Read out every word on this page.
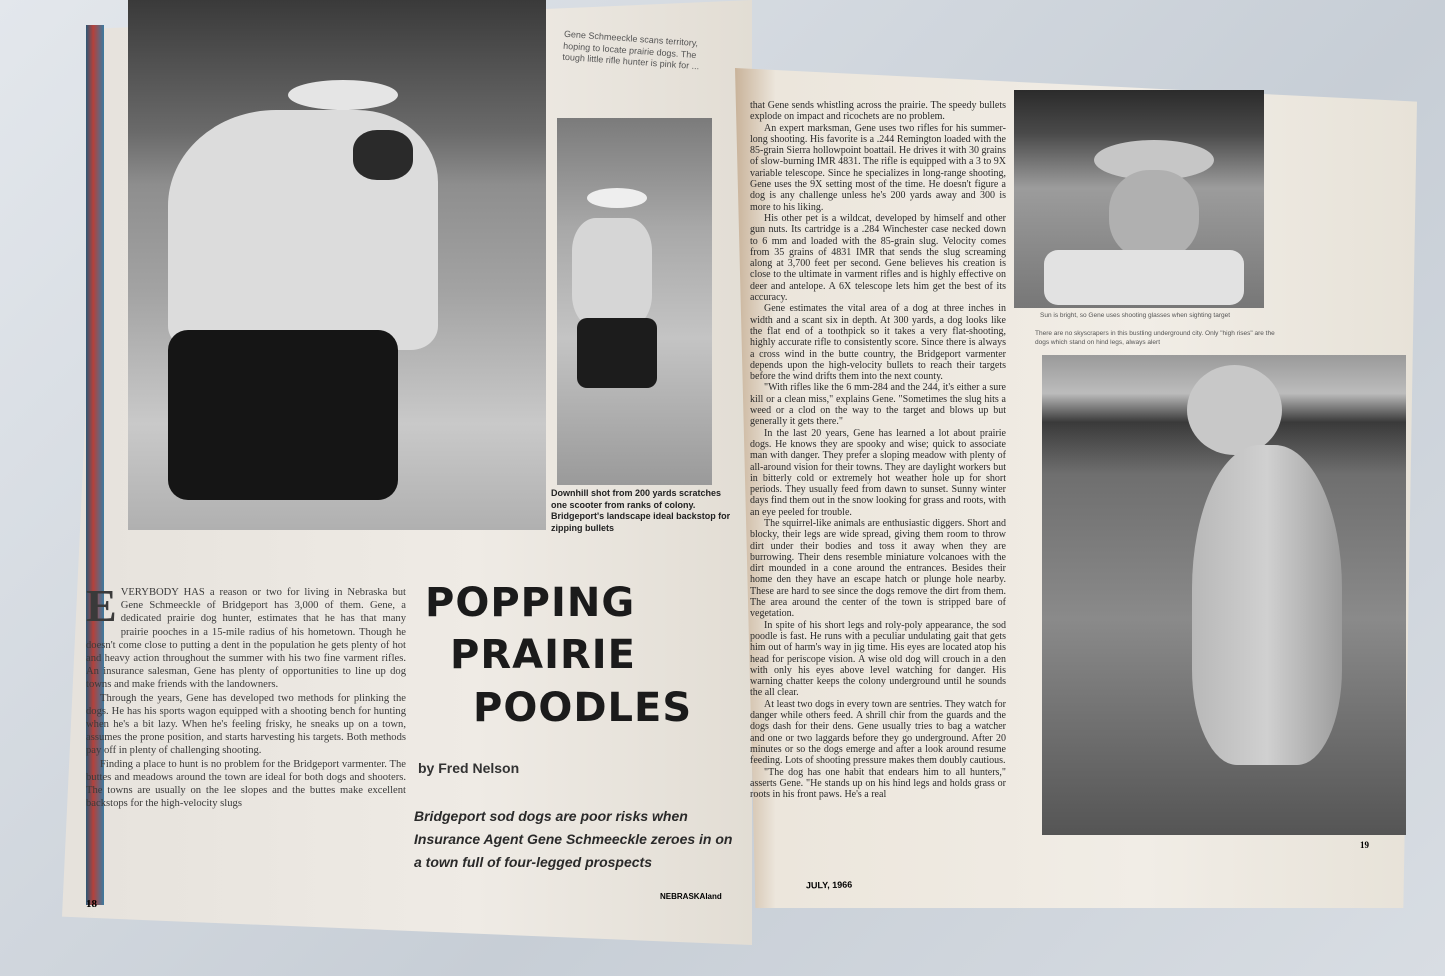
Gene Schmeeckle scans territory, hoping to locate prairie dogs. The tough little rifle hunter is pink for ...
Downhill shot from 200 yards scratches one scooter from ranks of colony. Bridgeport's landscape ideal backstop for zipping bullets

EVERYBODY HAS a reason or two for living in Nebraska but Gene Schmeeckle of Bridgeport has 3,000 of them. Gene, a dedicated prairie dog hunter, estimates that he has that many prairie pooches in a 15-mile radius of his hometown. Though he doesn't come close to putting a dent in the population he gets plenty of hot and heavy action throughout the summer with his two fine varment rifles. An insurance salesman, Gene has plenty of opportunities to line up dog towns and make friends with the landowners.

Through the years, Gene has developed two methods for plinking the dogs. He has his sports wagon equipped with a shooting bench for hunting when he's a bit lazy. When he's feeling frisky, he sneaks up on a town, assumes the prone position, and starts harvesting his targets. Both methods pay off in plenty of challenging shooting.

Finding a place to hunt is no problem for the Bridgeport varmenter. The buttes and meadows around the town are ideal for both dogs and shooters. The towns are usually on the lee slopes and the buttes make excellent backstops for the high-velocity slugs

POPPING
PRAIRIE
POODLES
by Fred Nelson
Bridgeport sod dogs are poor risks when Insurance Agent Gene Schmeeckle zeroes in on a town full of four-legged prospects
NEBRASKAland
18

that Gene sends whistling across the prairie. The speedy bullets explode on impact and ricochets are no problem.

An expert marksman, Gene uses two rifles for his summer-long shooting. His favorite is a .244 Remington loaded with the 85-grain Sierra hollowpoint boattail. He drives it with 30 grains of slow-burning IMR 4831. The rifle is equipped with a 3 to 9X variable telescope. Since he specializes in long-range shooting, Gene uses the 9X setting most of the time. He doesn't figure a dog is any challenge unless he's 200 yards away and 300 is more to his liking.

His other pet is a wildcat, developed by himself and other gun nuts. Its cartridge is a .284 Winchester case necked down to 6 mm and loaded with the 85-grain slug. Velocity comes from 35 grains of 4831 IMR that sends the slug screaming along at 3,700 feet per second. Gene believes his creation is close to the ultimate in varment rifles and is highly effective on deer and antelope. A 6X telescope lets him get the best of its accuracy.

Gene estimates the vital area of a dog at three inches in width and a scant six in depth. At 300 yards, a dog looks like the flat end of a toothpick so it takes a very flat-shooting, highly accurate rifle to consistently score. Since there is always a cross wind in the butte country, the Bridgeport varmenter depends upon the high-velocity bullets to reach their targets before the wind drifts them into the next county.

"With rifles like the 6 mm-284 and the 244, it's either a sure kill or a clean miss," explains Gene. "Sometimes the slug hits a weed or a clod on the way to the target and blows up but generally it gets there."

In the last 20 years, Gene has learned a lot about prairie dogs. He knows they are spooky and wise; quick to associate man with danger. They prefer a sloping meadow with plenty of all-around vision for their towns. They are daylight workers but in bitterly cold or extremely hot weather hole up for short periods. They usually feed from dawn to sunset. Sunny winter days find them out in the snow looking for grass and roots, with an eye peeled for trouble.

The squirrel-like animals are enthusiastic diggers. Short and blocky, their legs are wide spread, giving them room to throw dirt under their bodies and toss it away when they are burrowing. Their dens resemble miniature volcanoes with the dirt mounded in a cone around the entrances. Besides their home den they have an escape hatch or plunge hole nearby. These are hard to see since the dogs remove the dirt from them. The area around the center of the town is stripped bare of vegetation.

In spite of his short legs and roly-poly appearance, the sod poodle is fast. He runs with a peculiar undulating gait that gets him out of harm's way in jig time. His eyes are located atop his head for periscope vision. A wise old dog will crouch in a den with only his eyes above level watching for danger. His warning chatter keeps the colony underground until he sounds the all clear.

At least two dogs in every town are sentries. They watch for danger while others feed. A shrill chir from the guards and the dogs dash for their dens. Gene usually tries to bag a watcher and one or two laggards before they go underground. After 20 minutes or so the dogs emerge and after a look around resume feeding. Lots of shooting pressure makes them doubly cautious.

"The dog has one habit that endears him to all hunters," asserts Gene. "He stands up on his hind legs and holds grass or roots in his front paws. He's a real

Sun is bright, so Gene uses shooting glasses when sighting target
There are no skyscrapers in this bustling underground city. Only "high rises" are the dogs which stand on hind legs, always alert
19
JULY, 1966
